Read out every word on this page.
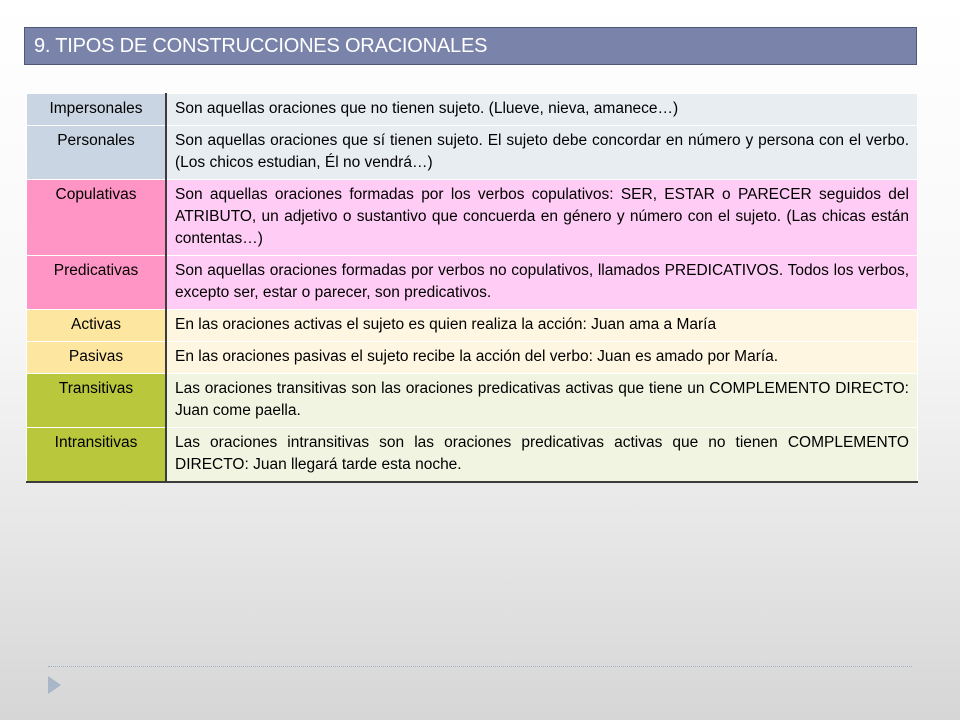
9. TIPOS DE CONSTRUCCIONES ORACIONALES
Impersonales	Son aquellas oraciones que no tienen sujeto. (Llueve, nieva, amanece…)
Personales	Son aquellas oraciones que sí tienen sujeto. El sujeto debe concordar en número y persona con el verbo. (Los chicos estudian, Él no vendrá…)
Copulativas	Son aquellas oraciones formadas por los verbos copulativos: SER, ESTAR o PARECER seguidos del ATRIBUTO, un adjetivo o sustantivo que concuerda en género y número con el sujeto. (Las chicas están contentas…)
Predicativas	Son aquellas oraciones formadas por verbos no copulativos, llamados PREDICATIVOS. Todos los verbos, excepto ser, estar o parecer, son predicativos.
Activas	En las oraciones activas el sujeto es quien realiza la acción: Juan ama a María
Pasivas	En las oraciones pasivas el sujeto recibe la acción del verbo: Juan es amado por María.
Transitivas	Las oraciones transitivas son las oraciones predicativas activas que tiene un COMPLEMENTO DIRECTO: Juan come paella.
Intransitivas	Las oraciones intransitivas son las oraciones predicativas activas que no tienen COMPLEMENTO DIRECTO: Juan llegará tarde esta noche.
